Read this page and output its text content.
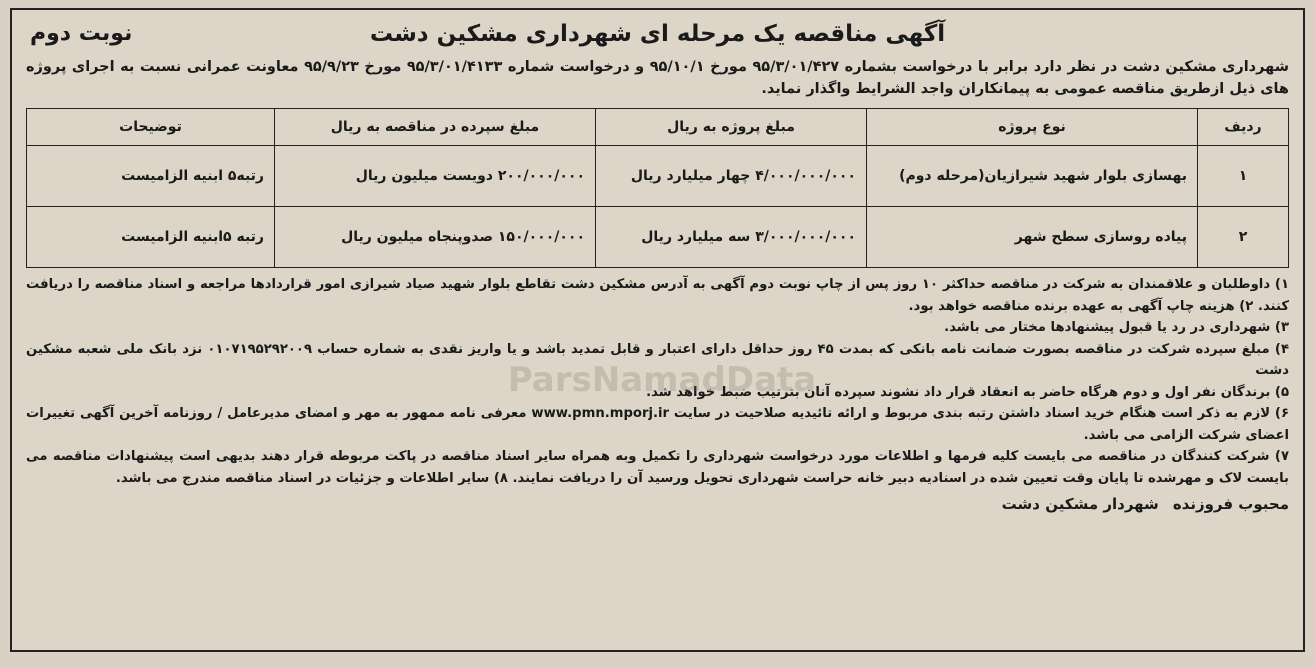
آگهی مناقصه یک مرحله ای شهرداری مشکین دشت
نوبت دوم
شهرداری مشکین دشت در نظر دارد برابر با درخواست بشماره ۹۵/۳/۰۱/۴۲۷ مورخ ۹۵/۱۰/۱ و درخواست شماره ۹۵/۳/۰۱/۴۱۳۳ مورخ ۹۵/۹/۲۳ معاونت عمرانی نسبت به اجرای پروژه های ذیل ازطریق مناقصه عمومی به پیمانکاران واجد الشرایط واگذار نماید.
ردیف	نوع پروژه	مبلغ پروژه به ریال	مبلغ سپرده در مناقصه به ریال	توضیحات
۱	بهسازی بلوار شهید شیرازیان(مرحله دوم)	۴/۰۰۰/۰۰۰/۰۰۰ چهار میلیارد ریال	۲۰۰/۰۰۰/۰۰۰ دویست میلیون ریال	رتبه۵ ابنیه الزامیست
۲	پیاده روسازی سطح شهر	۳/۰۰۰/۰۰۰/۰۰۰ سه میلیارد ریال	۱۵۰/۰۰۰/۰۰۰ صدوپنجاه میلیون ریال	رتبه ۵ابنیه الزامیست

۱) داوطلبان و علاقمندان به شرکت در مناقصه حداکثر ۱۰ روز پس از چاپ نوبت دوم آگهی به آدرس مشکین دشت تقاطع بلوار شهید صیاد شیرازی امور قراردادها مراجعه و اسناد مناقصه را دریافت کنند. ۲) هزینه چاپ آگهی به عهده برنده مناقصه خواهد بود.

۳) شهرداری در رد یا قبول پیشنهادها مختار می باشد.

۴) مبلغ سپرده شرکت در مناقصه بصورت ضمانت نامه بانکی که بمدت ۴۵ روز حداقل دارای اعتبار و قابل تمدید باشد و یا واریز نقدی به شماره حساب ۰۱۰۷۱۹۵۲۹۲۰۰۹ نزد بانک ملی شعبه مشکین دشت

۵) برندگان نفر اول و دوم هرگاه حاضر به انعقاد قرار داد نشوند سپرده آنان بترتیب ضبط خواهد شد.

۶) لازم به ذکر است هنگام خرید اسناد داشتن رتبه بندی مربوط و ارائه تائیدیه صلاحیت در سایت www.pmn.mporj.ir معرفی نامه ممهور به مهر و امضای مدیرعامل / روزنامه آخرین آگهی تغییرات اعضای شرکت الزامی می باشد.

۷) شرکت کنندگان در مناقصه می بایست کلیه فرمها و اطلاعات مورد درخواست شهرداری را تکمیل وبه همراه سایر اسناد مناقصه در پاکت مربوطه قرار دهند بدیهی است پیشنهادات مناقصه می بایست لاک و مهرشده تا پایان وقت تعیین شده در اسنادیه دبیر خانه حراست شهرداری تحویل ورسید آن را دریافت نمایند. ۸) سایر اطلاعات و جزئیات در اسناد مناقصه مندرج می باشد.

محبوب فروزندهشهردار مشکین دشت
ParsNamadData
